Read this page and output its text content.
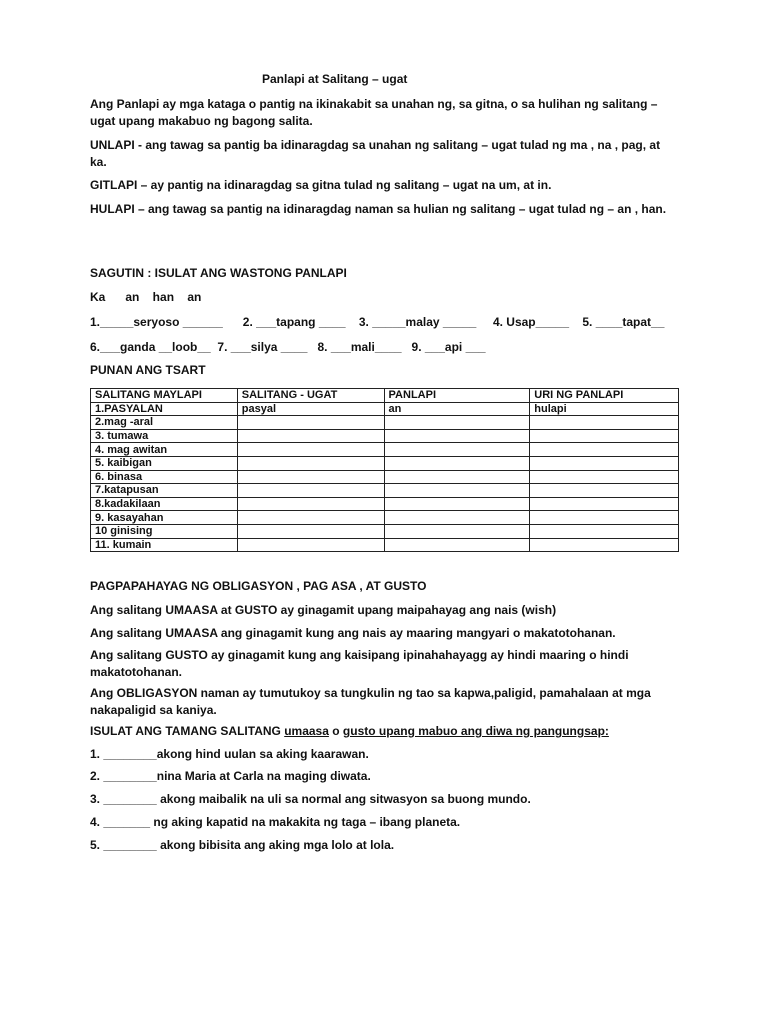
Panlapi at Salitang – ugat

Ang Panlapi ay mga kataga o pantig na ikinakabit sa unahan ng, sa gitna, o sa hulihan ng salitang – ugat upang makabuo ng bagong salita.

UNLAPI - ang tawag sa pantig ba idinaragdag sa unahan ng salitang – ugat tulad ng ma , na , pag, at ka.

GITLAPI – ay pantig na idinaragdag sa gitna tulad ng salitang – ugat na um, at in.

HULAPI – ang tawag sa pantig na idinaragdag naman sa hulian ng salitang – ugat tulad ng – an , han.

SAGUTIN : ISULAT ANG WASTONG PANLAPI
Ka      an    han    an
1._____seryoso ______      2. ___tapang ____    3. _____malay _____     4. Usap_____    5. ____tapat__
6.___ganda __loob__  7. ___silya ____   8. ___mali____   9. ___api ___
PUNAN ANG TSART
SALITANG MAYLAPI	SALITANG - UGAT	PANLAPI	URI NG PANLAPI
1.PASYALAN	pasyal	an	hulapi
2.mag -aral			
3. tumawa			
4. mag awitan			
5. kaibigan			
6. binasa			
7.katapusan			
8.kadakilaan			
9. kasayahan			
10 ginising			
11. kumain			
PAGPAPAHAYAG NG OBLIGASYON , PAG ASA , AT GUSTO

Ang salitang UMAASA at GUSTO ay ginagamit upang maipahayag ang nais (wish)

Ang salitang UMAASA ang ginagamit kung ang nais ay maaring mangyari o makatotohanan.

Ang salitang GUSTO ay ginagamit kung ang kaisipang ipinahahayagg ay hindi maaring o hindi makatotohanan.

Ang OBLIGASYON naman ay tumutukoy sa tungkulin ng tao sa kapwa,paligid, pamahalaan at mga nakapaligid sa kaniya.

ISULAT ANG TAMANG SALITANG umaasa o gusto upang mabuo ang diwa ng pangungsap:
1. ________akong hind uulan sa aking kaarawan.
2. ________nina Maria at Carla na maging diwata.
3. ________ akong maibalik na uli sa normal ang sitwasyon sa buong mundo.
4. _______ ng aking kapatid na makakita ng taga – ibang planeta.
5. ________ akong bibisita ang aking mga lolo at lola.
